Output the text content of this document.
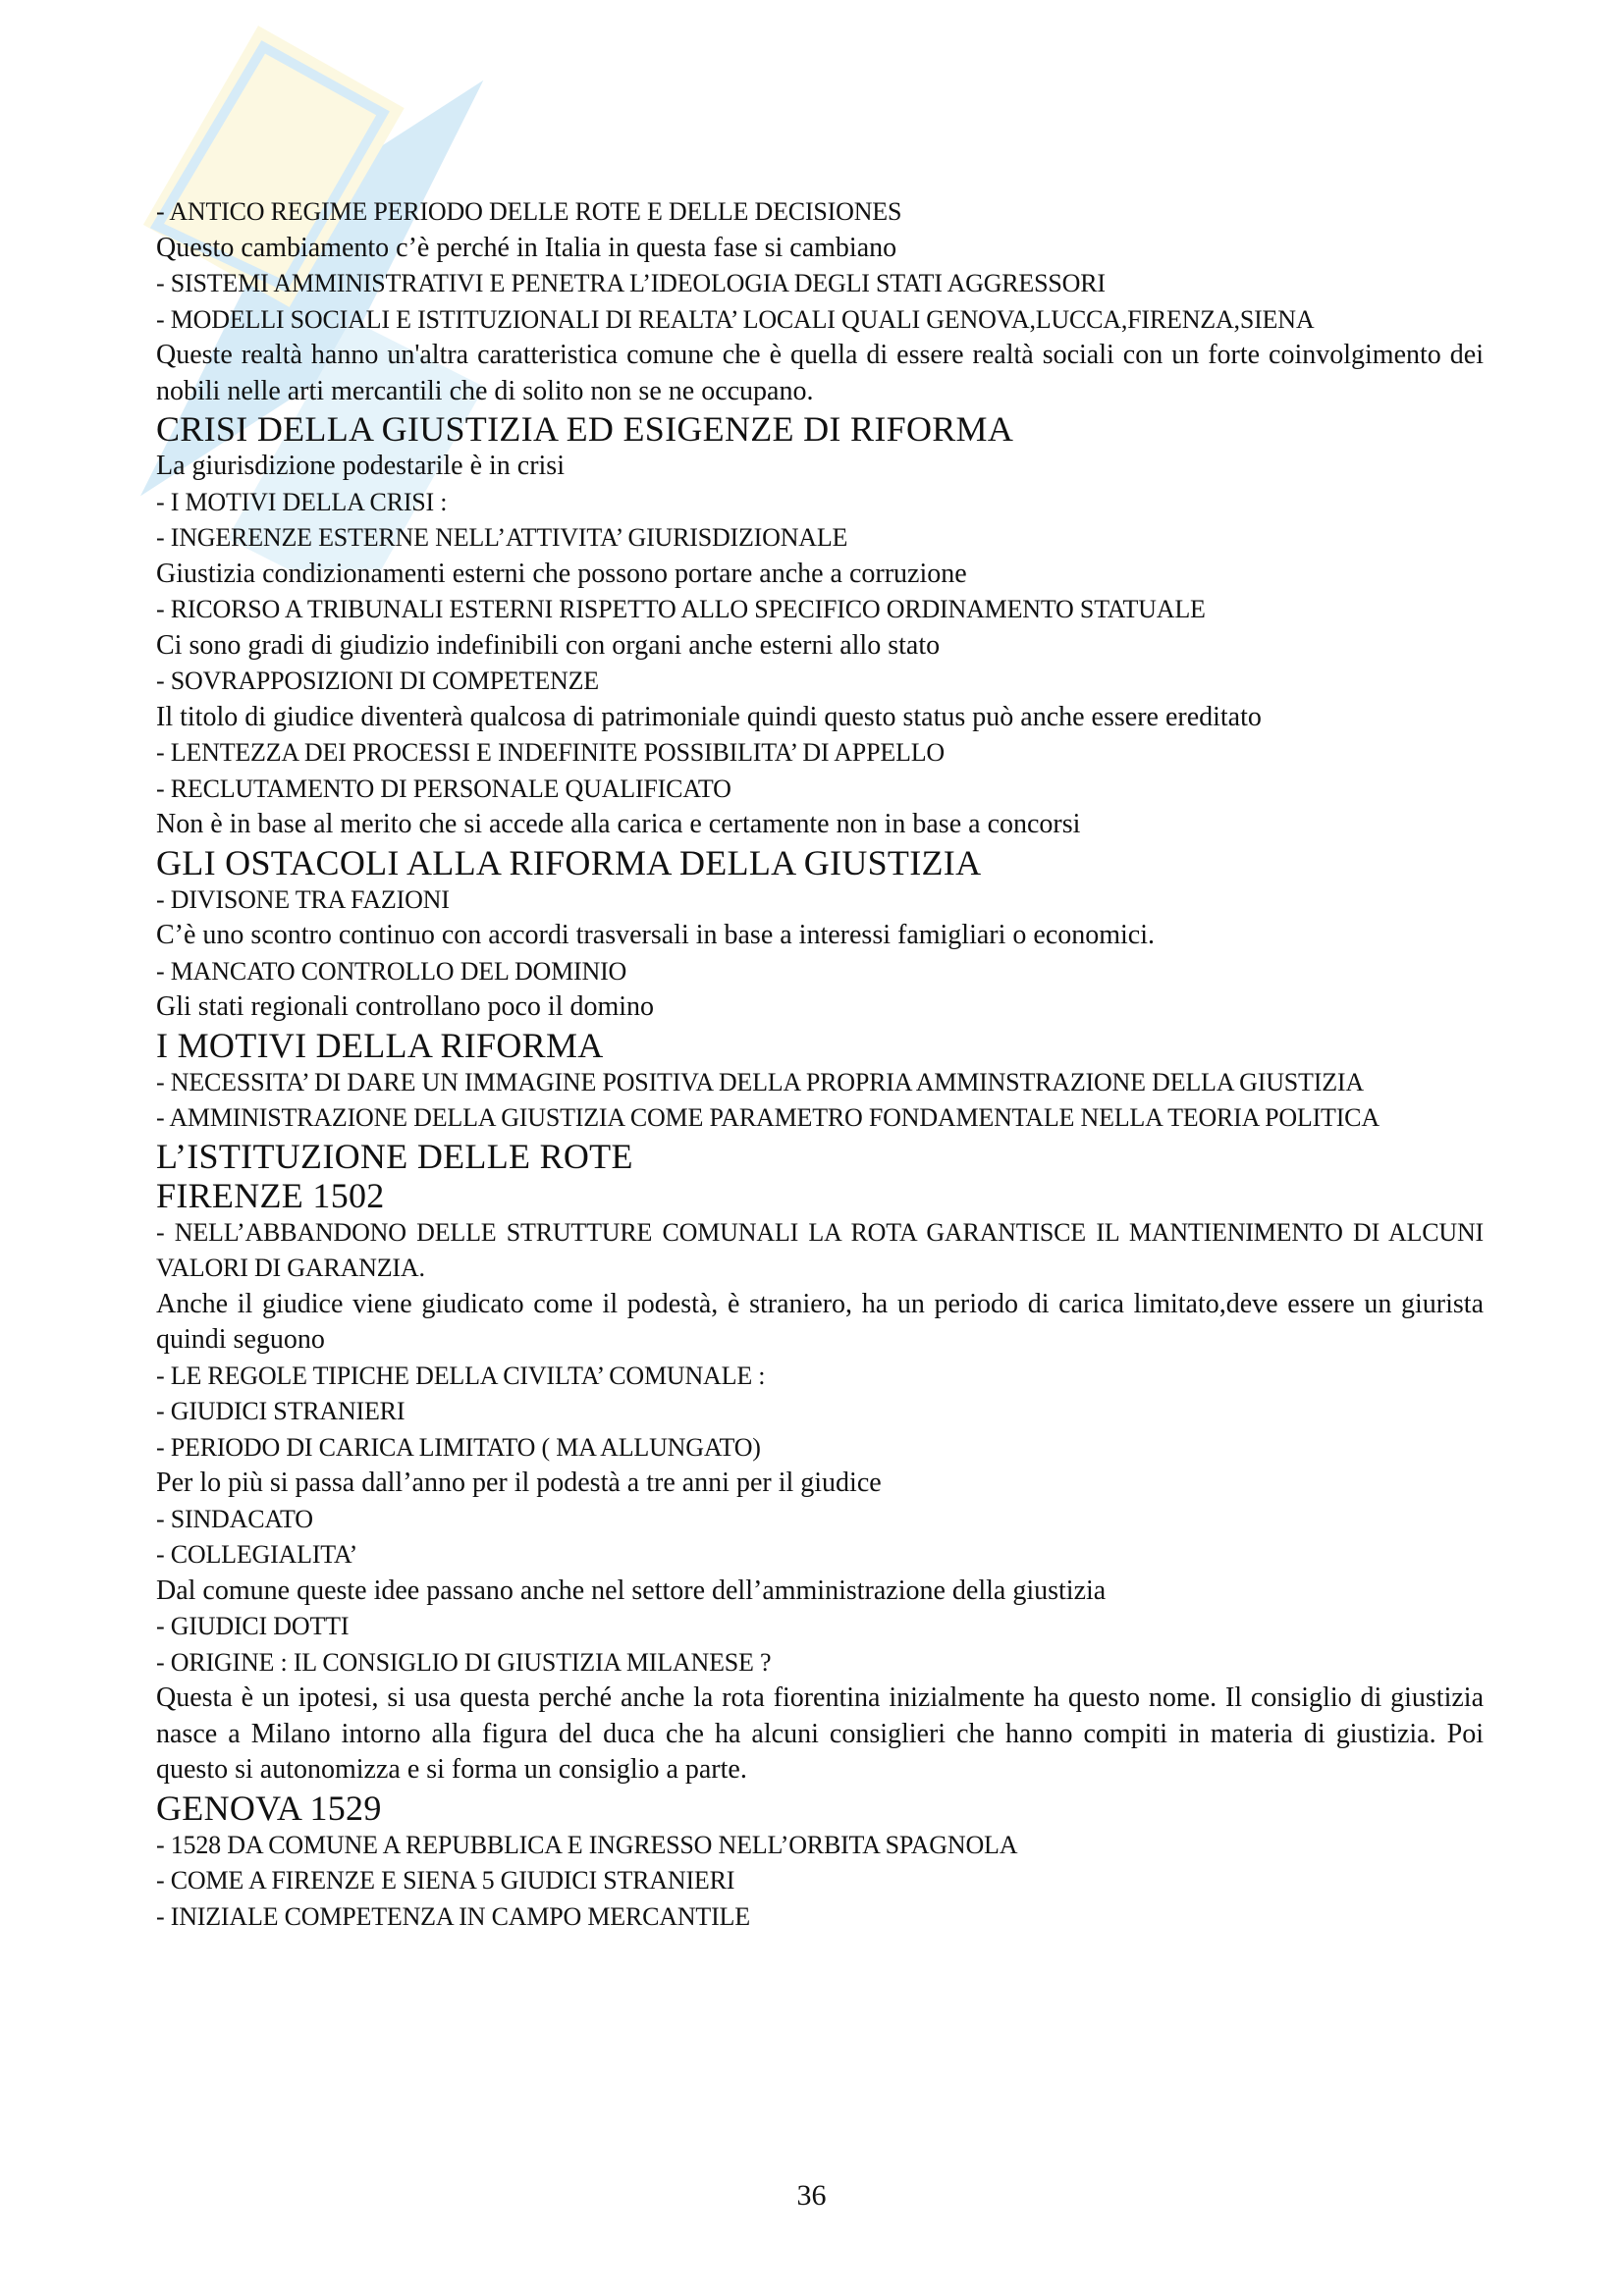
- ANTICO REGIME PERIODO DELLE ROTE E DELLE DECISIONES

Questo cambiamento c’è perché in Italia in questa fase si cambiano

- SISTEMI AMMINISTRATIVI E PENETRA L’IDEOLOGIA DEGLI STATI AGGRESSORI

- MODELLI SOCIALI E ISTITUZIONALI DI REALTA’ LOCALI QUALI GENOVA,LUCCA,FIRENZA,SIENA

Queste realtà hanno un'altra caratteristica comune che è quella di essere realtà sociali con un forte coinvolgimento dei nobili nelle arti mercantili che di solito non se ne occupano.

CRISI DELLA GIUSTIZIA ED ESIGENZE DI RIFORMA

La giurisdizione podestarile è in crisi

- I MOTIVI DELLA CRISI :

- INGERENZE ESTERNE NELL’ATTIVITA’ GIURISDIZIONALE

Giustizia condizionamenti esterni che possono portare anche a corruzione

- RICORSO A TRIBUNALI ESTERNI RISPETTO ALLO SPECIFICO ORDINAMENTO STATUALE

Ci sono gradi di giudizio indefinibili con organi anche esterni allo stato

- SOVRAPPOSIZIONI DI COMPETENZE

Il titolo di giudice diventerà qualcosa di patrimoniale quindi questo status può anche essere ereditato

- LENTEZZA DEI PROCESSI E INDEFINITE POSSIBILITA’ DI APPELLO

- RECLUTAMENTO DI PERSONALE QUALIFICATO

Non è in base al merito che si accede alla carica e certamente non in base a concorsi

GLI OSTACOLI ALLA RIFORMA DELLA GIUSTIZIA

- DIVISONE TRA FAZIONI

C’è uno scontro continuo con accordi trasversali in base a interessi famigliari o economici.

- MANCATO CONTROLLO DEL DOMINIO

Gli stati regionali controllano poco il domino

I MOTIVI DELLA RIFORMA

- NECESSITA’ DI DARE UN IMMAGINE POSITIVA DELLA PROPRIA AMMINSTRAZIONE DELLA GIUSTIZIA

- AMMINISTRAZIONE DELLA GIUSTIZIA COME PARAMETRO FONDAMENTALE NELLA TEORIA POLITICA

L’ISTITUZIONE DELLE ROTE
FIRENZE 1502

- NELL’ABBANDONO DELLE STRUTTURE COMUNALI LA ROTA GARANTISCE IL MANTIENIMENTO DI ALCUNI VALORI DI GARANZIA.

Anche il giudice viene giudicato come il podestà, è straniero, ha un periodo di carica limitato,deve essere un giurista quindi seguono

- LE REGOLE TIPICHE DELLA CIVILTA’ COMUNALE :

- GIUDICI STRANIERI

- PERIODO DI CARICA LIMITATO ( MA ALLUNGATO)

Per lo più si passa dall’anno per il podestà a tre anni per il giudice

- SINDACATO

- COLLEGIALITA’

Dal comune queste idee passano anche nel settore dell’amministrazione della giustizia

- GIUDICI DOTTI

- ORIGINE : IL CONSIGLIO DI GIUSTIZIA MILANESE ?

Questa è un ipotesi, si usa questa perché anche la rota fiorentina inizialmente ha questo nome. Il consiglio di giustizia nasce a Milano intorno alla figura del duca che ha alcuni consiglieri che hanno compiti in materia di giustizia. Poi questo si autonomizza e si forma un consiglio a parte.

GENOVA 1529

- 1528 DA COMUNE A REPUBBLICA E INGRESSO NELL’ORBITA SPAGNOLA

- COME A FIRENZE E SIENA 5 GIUDICI STRANIERI

- INIZIALE COMPETENZA IN CAMPO MERCANTILE

36
